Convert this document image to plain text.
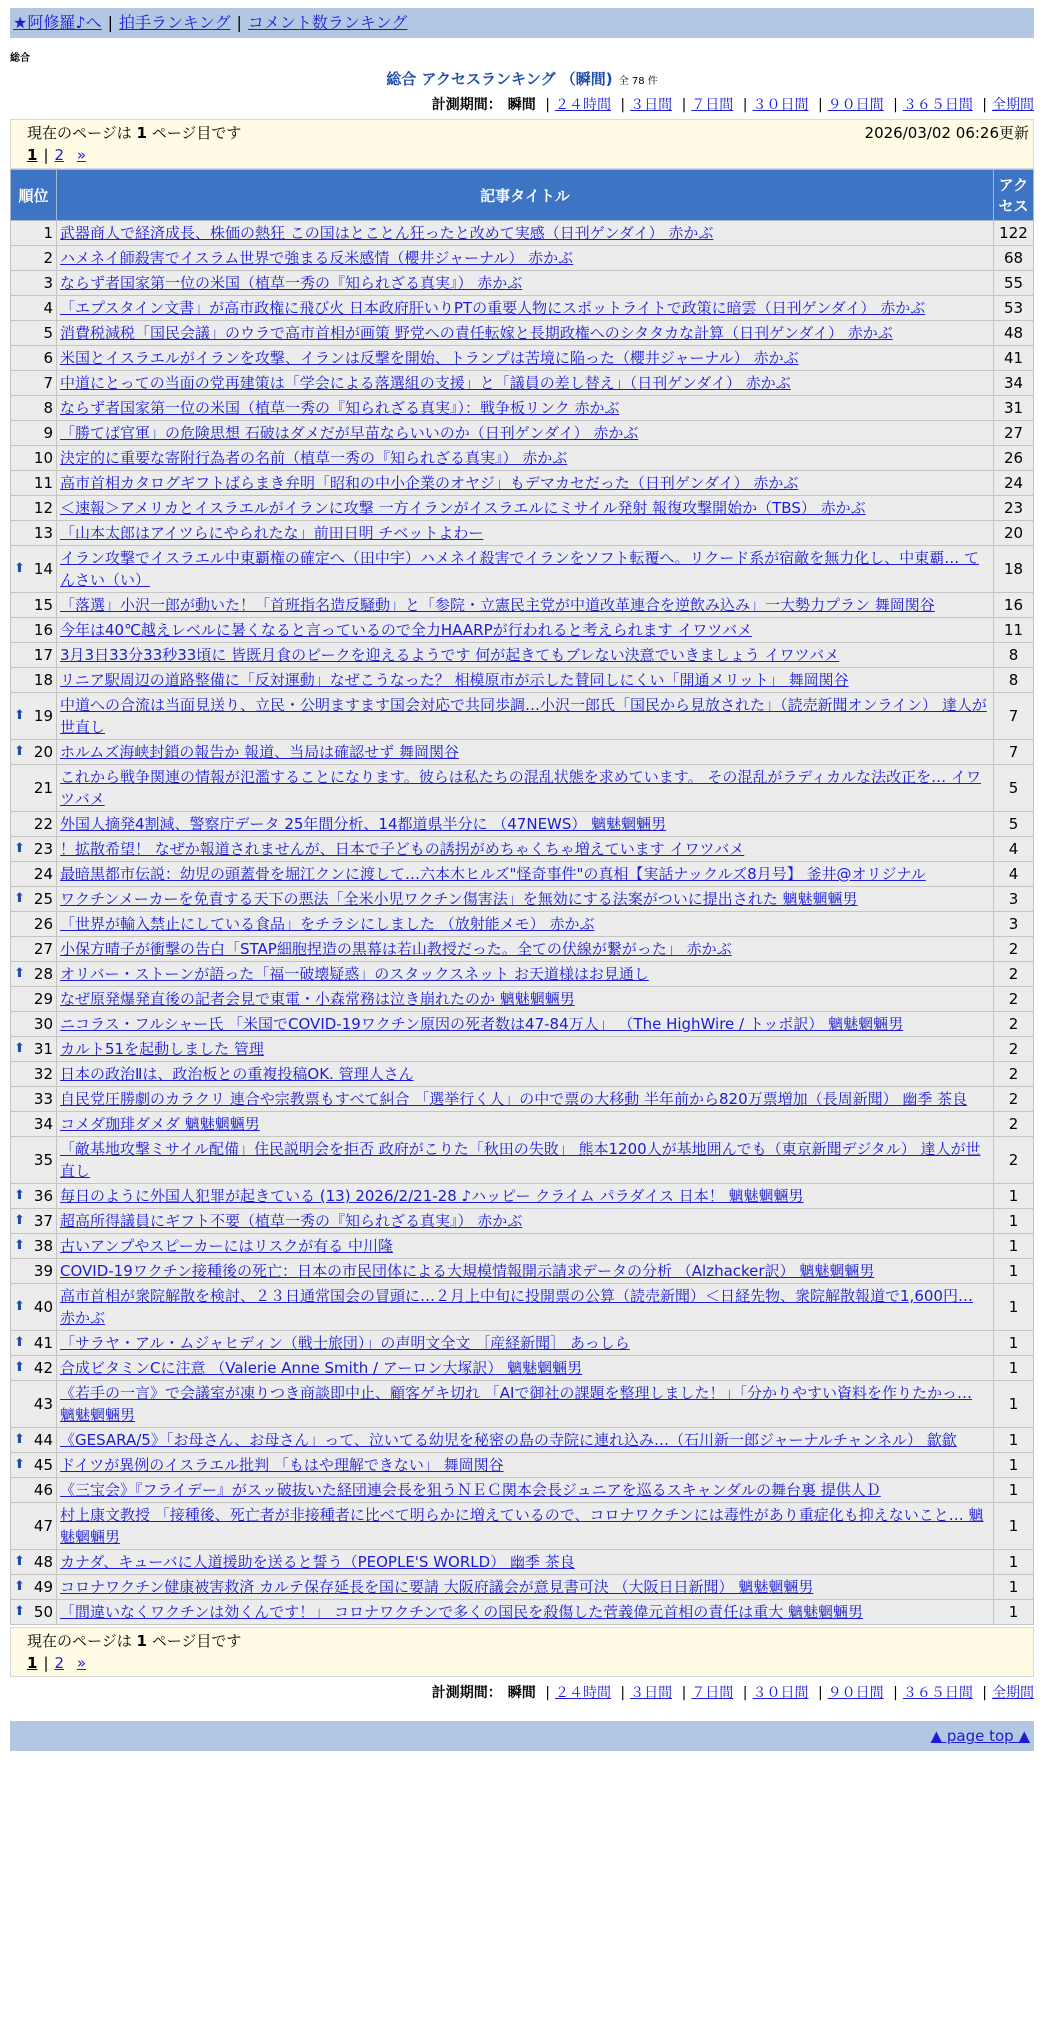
★阿修羅♪へ | 拍手ランキング | コメント数ランキング
総合
総合 アクセスランキング （瞬間) 全 78 件
計測期間： 瞬間 | ２４時間 | ３日間 | ７日間 | ３０日間 | ９０日間 | ３６５日間 | 全期間
現在のページは 1 ページ目です	2026/03/02 06:26更新
1 | 2 »
順位	記事タイトル	アクセス
1	武器商人で経済成長、株価の熱狂 この国はとことん狂ったと改めて実感（日刊ゲンダイ） 赤かぶ	122
2	ハメネイ師殺害でイスラム世界で強まる反米感情（櫻井ジャーナル） 赤かぶ	68
3	ならず者国家第一位の米国（植草一秀の『知られざる真実』） 赤かぶ	55
4	「エプスタイン文書」が高市政権に飛び火 日本政府肝いりPTの重要人物にスポットライトで政策に暗雲（日刊ゲンダイ） 赤かぶ	53
5	消費税減税「国民会議」のウラで高市首相が画策 野党への責任転嫁と長期政権へのシタタカな計算（日刊ゲンダイ） 赤かぶ	48
6	米国とイスラエルがイランを攻撃、イランは反撃を開始、トランプは苦境に陥った（櫻井ジャーナル） 赤かぶ	41
7	中道にとっての当面の党再建策は「学会による落選組の支援」と「議員の差し替え」（日刊ゲンダイ） 赤かぶ	34
8	ならず者国家第一位の米国（植草一秀の『知られざる真実』）：戦争板リンク 赤かぶ	31
9	「勝てば官軍」の危険思想 石破はダメだが早苗ならいいのか（日刊ゲンダイ） 赤かぶ	27
10	決定的に重要な寄附行為者の名前（植草一秀の『知られざる真実』） 赤かぶ	26
11	高市首相カタログギフトばらまき弁明「昭和の中小企業のオヤジ」もデマカセだった（日刊ゲンダイ） 赤かぶ	24
12	＜速報＞アメリカとイスラエルがイランに攻撃 一方イランがイスラエルにミサイル発射 報復攻撃開始か（TBS） 赤かぶ	23
13	「山本太郎はアイツらにやられたな」前田日明 チベットよわー	20

⬆ 14	イラン攻撃でイスラエル中東覇権の確定へ（田中宇）ハメネイ殺害でイランをソフト転覆へ。リクード系が宿敵を無力化し、中東覇… てんさい（い）	18
15	「落選」小沢一郎が動いた！「首班指名造反騒動」と「参院・立憲民主党が中道改革連合を逆飲み込み」一大勢力プラン 舞岡関谷	16
16	今年は40℃越えレベルに暑くなると言っているので全力HAARPが行われると考えられます イワツバメ	11
17	3月3日33分33秒33頃に 皆既月食のピークを迎えるようです 何が起きてもブレない決意でいきましょう イワツバメ	8
18	リニア駅周辺の道路整備に「反対運動」なぜこうなった？ 相模原市が示した賛同しにくい「開通メリット」 舞岡関谷	8

⬆ 19	中道への合流は当面見送り、立民・公明ますます国会対応で共同歩調…小沢一郎氏「国民から見放された」（読売新聞オンライン） 達人が世直し	7

⬆ 20	ホルムズ海峡封鎖の報告か 報道、当局は確認せず 舞岡関谷	7
21	これから戦争関連の情報が氾濫することになります。彼らは私たちの混乱状態を求めています。 その混乱がラディカルな法改正を… イワツバメ	5
22	外国人摘発4割減、警察庁データ 25年間分析、14都道県半分に （47NEWS） 魑魅魍魎男	5

⬆ 23	！拡散希望！ なぜか報道されませんが、日本で子どもの誘拐がめちゃくちゃ増えています イワツバメ	4
24	最暗黒都市伝説：幼児の頭蓋骨を堀江クンに渡して…六本木ヒルズ"怪奇事件"の真相【実話ナックルズ8月号】 釜井@オリジナル	4

⬆ 25	ワクチンメーカーを免責する天下の悪法「全米小児ワクチン傷害法」を無効にする法案がついに提出された 魑魅魍魎男	3
26	「世界が輸入禁止にしている食品」をチラシにしました （放射能メモ） 赤かぶ	3
27	小保方晴子が衝撃の告白「STAP細胞捏造の黒幕は若山教授だった。全ての伏線が繋がった」 赤かぶ	2

⬆ 28	オリバー・ストーンが語った「福一破壊疑惑」のスタックスネット お天道様はお見通し	2
29	なぜ原発爆発直後の記者会見で東電・小森常務は泣き崩れたのか 魑魅魍魎男	2
30	ニコラス・フルシャー氏 「米国でCOVID-19ワクチン原因の死者数は47-84万人」 （The HighWire / トッポ訳） 魑魅魍魎男	2

⬆ 31	カルト51を起動しました 管理	2
32	日本の政治Ⅱは、政治板との重複投稿OK. 管理人さん	2
33	自民党圧勝劇のカラクリ 連合や宗教票もすべて糾合 「選挙行く人」の中で票の大移動 半年前から820万票増加（長周新聞） 幽季 茶良	2
34	コメダ珈琲ダメダ 魑魅魍魎男	2
35	「敵基地攻撃ミサイル配備」住民説明会を拒否 政府がこりた「秋田の失敗」 熊本1200人が基地囲んでも（東京新聞デジタル） 達人が世直し	2

⬆ 36	毎日のように外国人犯罪が起きている (13) 2026/2/21-28 ♪ハッピー クライム パラダイス 日本！ 魑魅魍魎男	1

⬆ 37	超高所得議員にギフト不要（植草一秀の『知られざる真実』） 赤かぶ	1

⬆ 38	古いアンプやスピーカーにはリスクが有る 中川隆	1
39	COVID-19ワクチン接種後の死亡：日本の市民団体による大規模情報開示請求データの分析 （Alzhacker訳） 魑魅魍魎男	1

⬆ 40	高市首相が衆院解散を検討、２３日通常国会の冒頭に…２月上中旬に投開票の公算（読売新聞）＜日経先物、衆院解散報道で1,600円… 赤かぶ	1

⬆ 41	「サラヤ・アル・ムジャヒディン（戦士旅団）」の声明文全文 ［産経新聞］ あっしら	1

⬆ 42	合成ビタミンCに注意 （Valerie Anne Smith / アーロン大塚訳） 魑魅魍魎男	1
43	《若手の一言》で会議室が凍りつき商談即中止、顧客ゲキ切れ 「AIで御社の課題を整理しました！」「分かりやすい資料を作りたかっ… 魑魅魍魎男	1

⬆ 44	《GESARA/5》「お母さん、お母さん」って、泣いてる幼児を秘密の島の寺院に連れ込み…（石川新一郎ジャーナルチャンネル） 歙歙	1

⬆ 45	ドイツが異例のイスラエル批判 「もはや理解できない」 舞岡関谷	1
46	《三宝会》『フライデー』がスッ破抜いた経団連会長を狙うＮＥＣ関本会長ジュニアを巡るスキャンダルの舞台裏 提供人Ｄ	1
47	村上康文教授 「接種後、死亡者が非接種者に比べて明らかに増えているので、コロナワクチンには毒性があり重症化も抑えないこと… 魑魅魍魎男	1

⬆ 48	カナダ、キューバに人道援助を送ると誓う（PEOPLE'S WORLD） 幽季 茶良	1

⬆ 49	コロナワクチン健康被害救済 カルテ保存延長を国に要請 大阪府議会が意見書可決 （大阪日日新聞） 魑魅魍魎男	1

⬆ 50	「間違いなくワクチンは効くんです！」 コロナワクチンで多くの国民を殺傷した菅義偉元首相の責任は重大 魑魅魍魎男	1
現在のページは 1 ページ目です
1 | 2 »
計測期間： 瞬間 | ２４時間 | ３日間 | ７日間 | ３０日間 | ９０日間 | ３６５日間 | 全期間
▲ page top ▲
